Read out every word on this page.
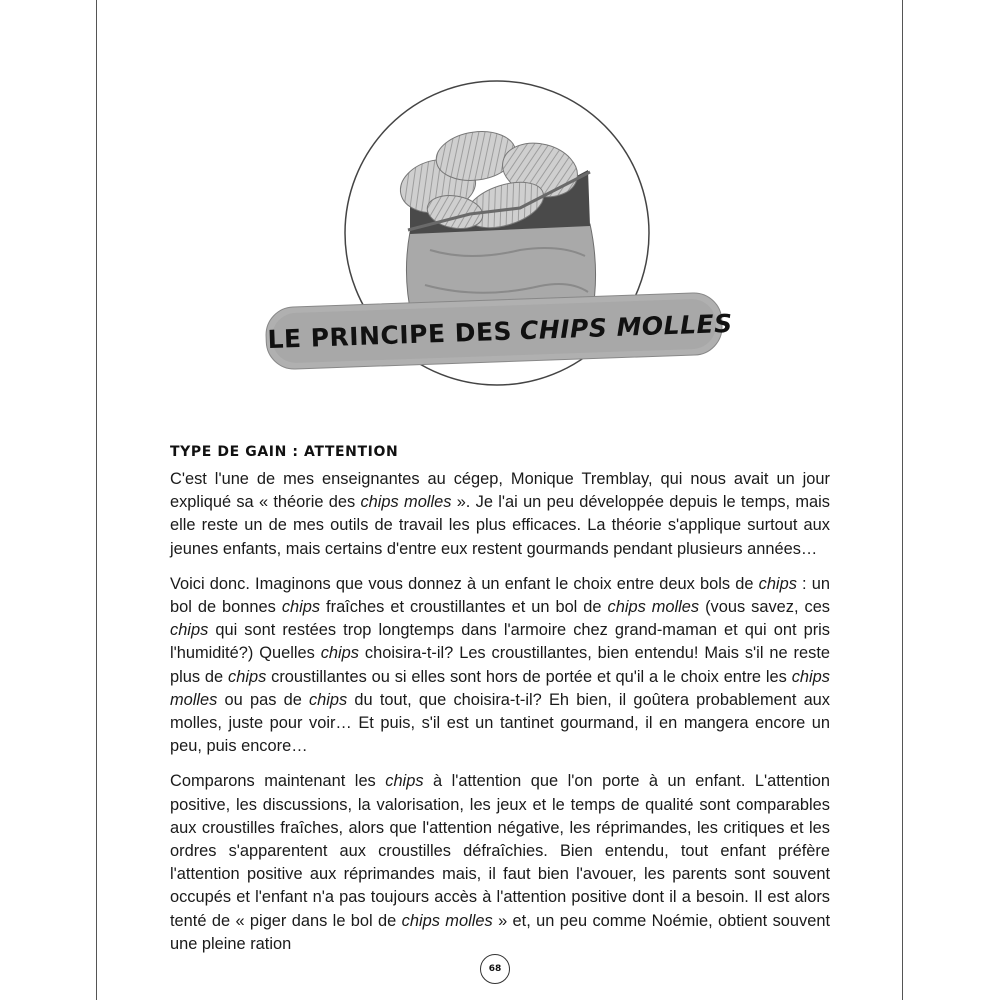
LE PRINCIPE DES CHIPS MOLLES
TYPE DE GAIN : ATTENTION

C'est l'une de mes enseignantes au cégep, Monique Tremblay, qui nous avait un jour expliqué sa « théorie des chips molles ». Je l'ai un peu développée depuis le temps, mais elle reste un de mes outils de travail les plus efficaces. La théorie s'applique surtout aux jeunes enfants, mais certains d'entre eux restent gourmands pendant plusieurs années…

Voici donc. Imaginons que vous donnez à un enfant le choix entre deux bols de chips : un bol de bonnes chips fraîches et croustillantes et un bol de chips molles (vous savez, ces chips qui sont restées trop longtemps dans l'armoire chez grand-maman et qui ont pris l'humidité?) Quelles chips choisira-t-il? Les croustillantes, bien entendu! Mais s'il ne reste plus de chips croustillantes ou si elles sont hors de portée et qu'il a le choix entre les chips molles ou pas de chips du tout, que choisira-t-il? Eh bien, il goûtera probablement aux molles, juste pour voir… Et puis, s'il est un tantinet gourmand, il en mangera encore un peu, puis encore…

Comparons maintenant les chips à l'attention que l'on porte à un enfant. L'attention positive, les discussions, la valorisation, les jeux et le temps de qualité sont comparables aux croustilles fraîches, alors que l'attention négative, les réprimandes, les critiques et les ordres s'apparentent aux croustilles défraîchies. Bien entendu, tout enfant préfère l'attention positive aux réprimandes mais, il faut bien l'avouer, les parents sont souvent occupés et l'enfant n'a pas toujours accès à l'attention positive dont il a besoin. Il est alors tenté de « piger dans le bol de chips molles » et, un peu comme Noémie, obtient souvent une pleine ration

68
